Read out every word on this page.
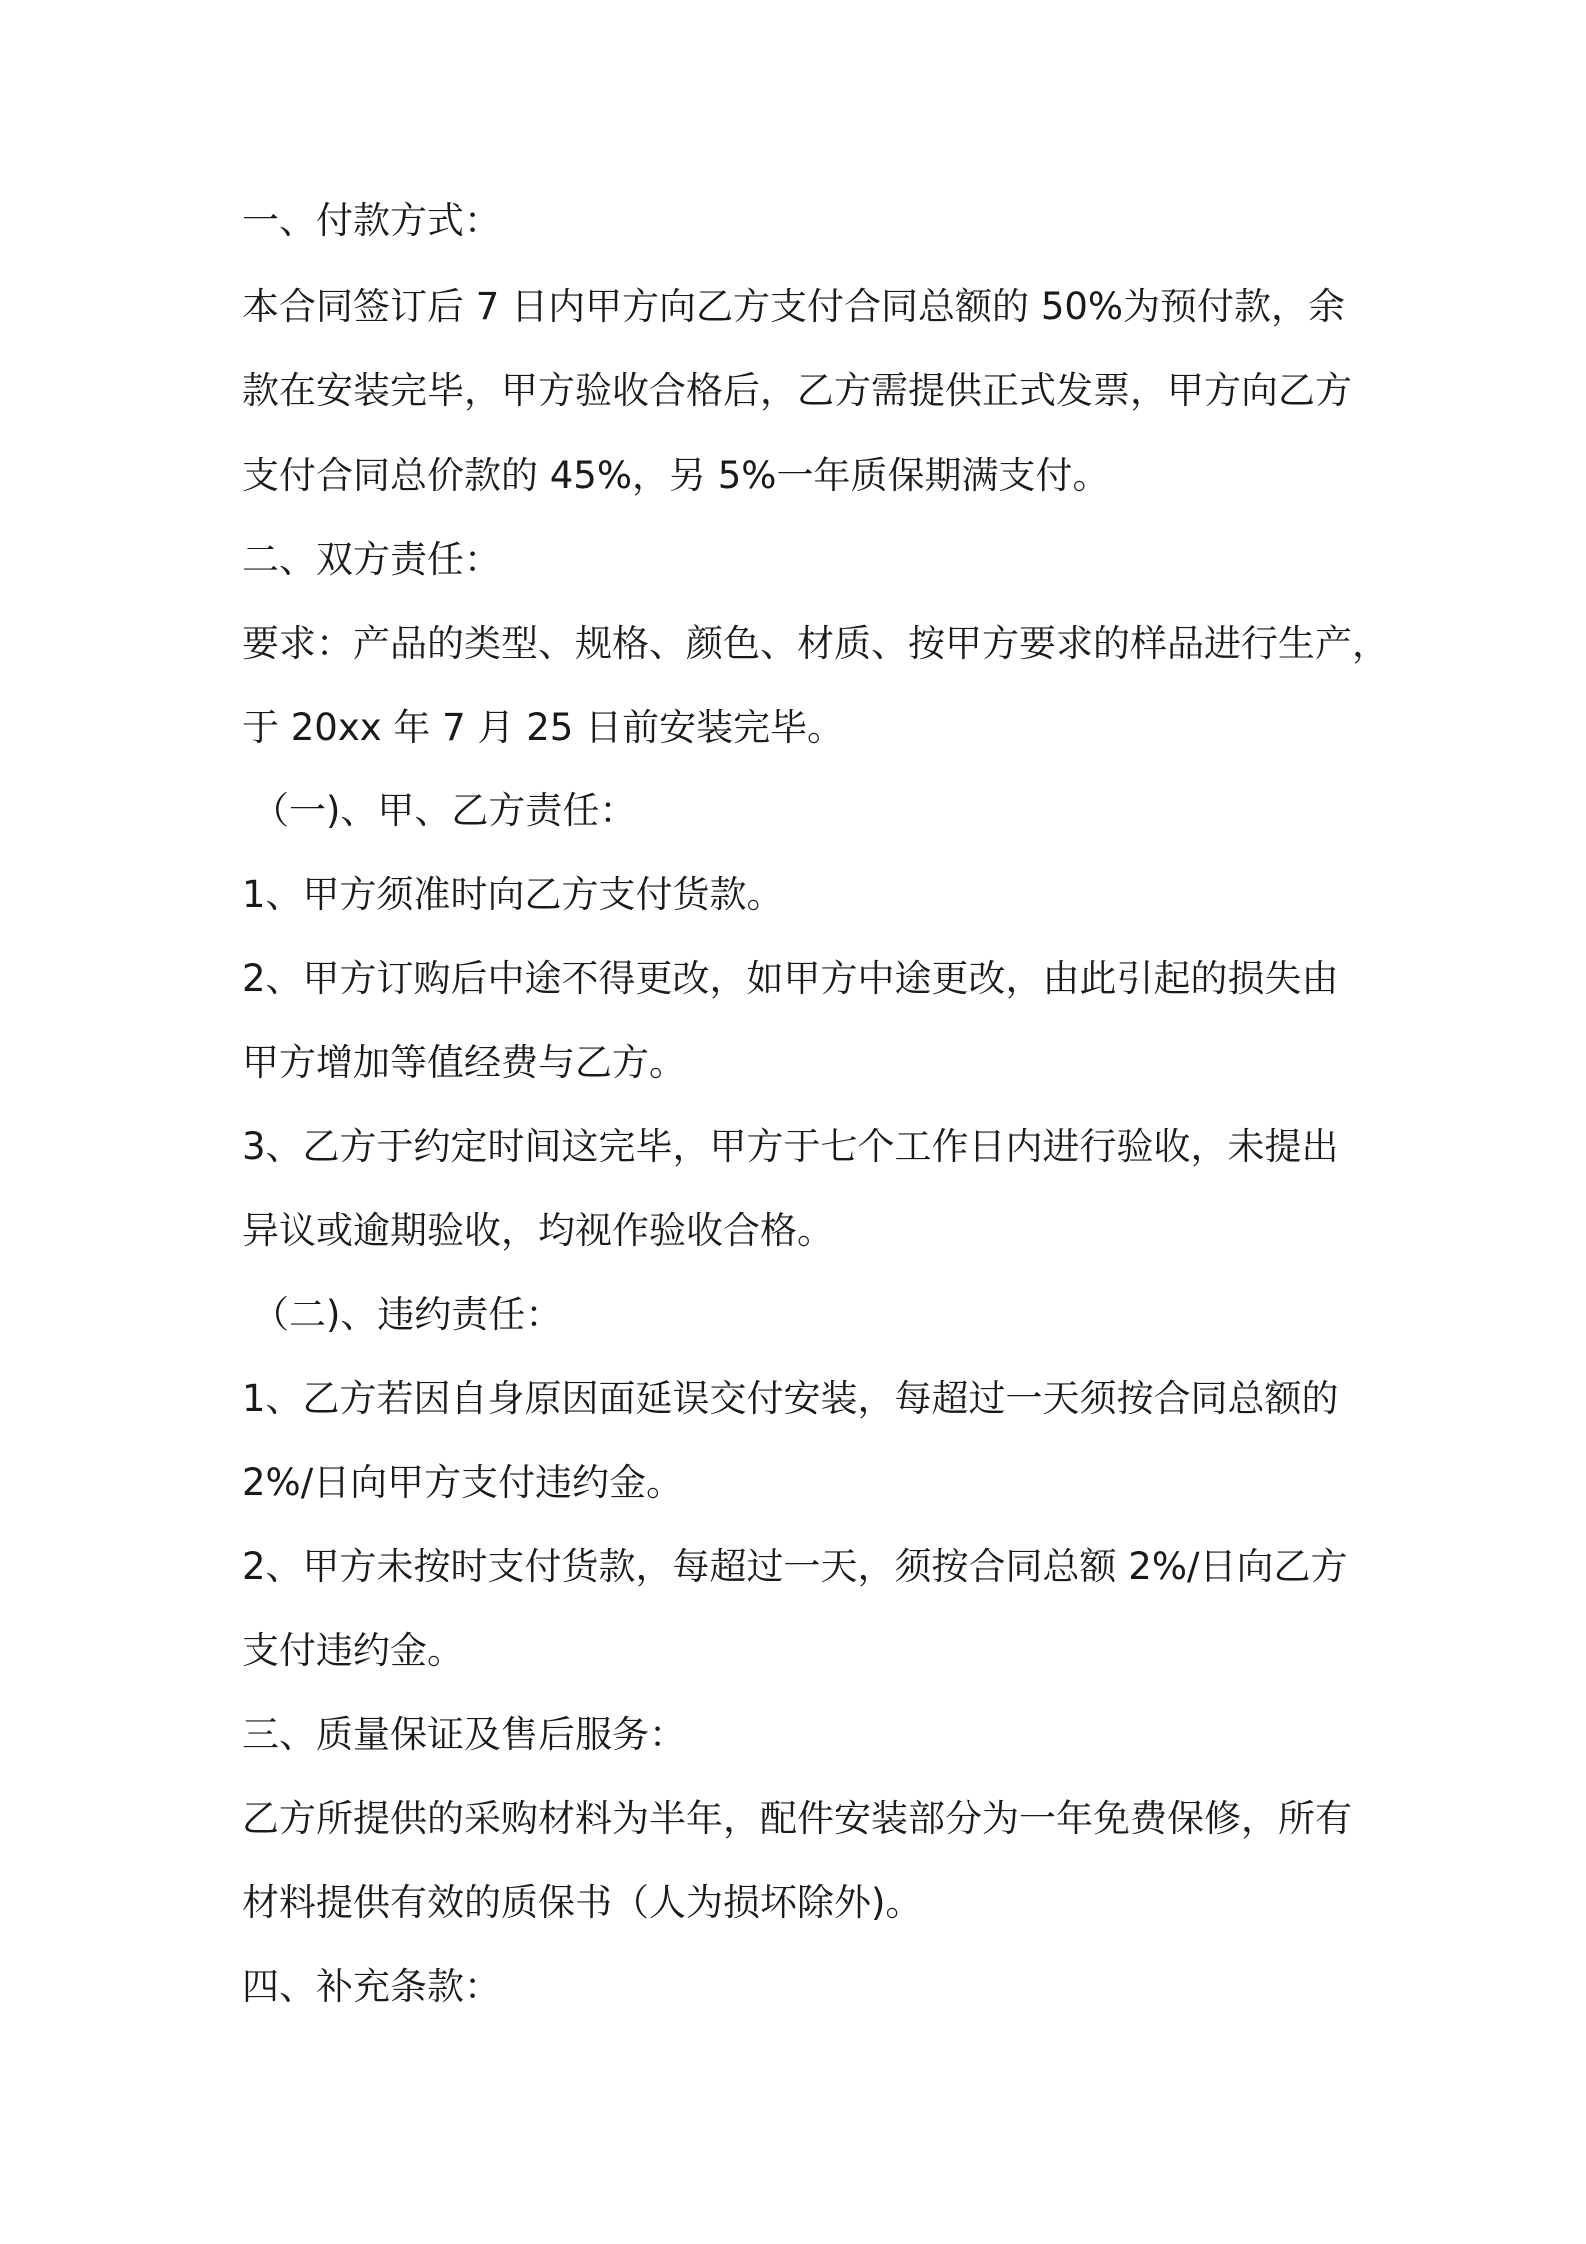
一、付款方式：

本合同签订后 7 日内甲方向乙方支付合同总额的 50%为预付款，余

款在安装完毕，甲方验收合格后，乙方需提供正式发票，甲方向乙方

支付合同总价款的 45%，另 5%一年质保期满支付。

二、双方责任：

要求：产品的类型、规格、颜色、材质、按甲方要求的样品进行生产，

于 20xx 年 7 月 25 日前安装完毕。

（一)、甲、乙方责任：

1、甲方须准时向乙方支付货款。

2、甲方订购后中途不得更改，如甲方中途更改，由此引起的损失由

甲方增加等值经费与乙方。

3、乙方于约定时间这完毕，甲方于七个工作日内进行验收，未提出

异议或逾期验收，均视作验收合格。

（二)、违约责任：

1、乙方若因自身原因面延误交付安装，每超过一天须按合同总额的

2%/日向甲方支付违约金。

2、甲方未按时支付货款，每超过一天，须按合同总额 2%/日向乙方

支付违约金。

三、质量保证及售后服务：

乙方所提供的采购材料为半年，配件安装部分为一年免费保修，所有

材料提供有效的质保书（人为损坏除外)。

四、补充条款：
